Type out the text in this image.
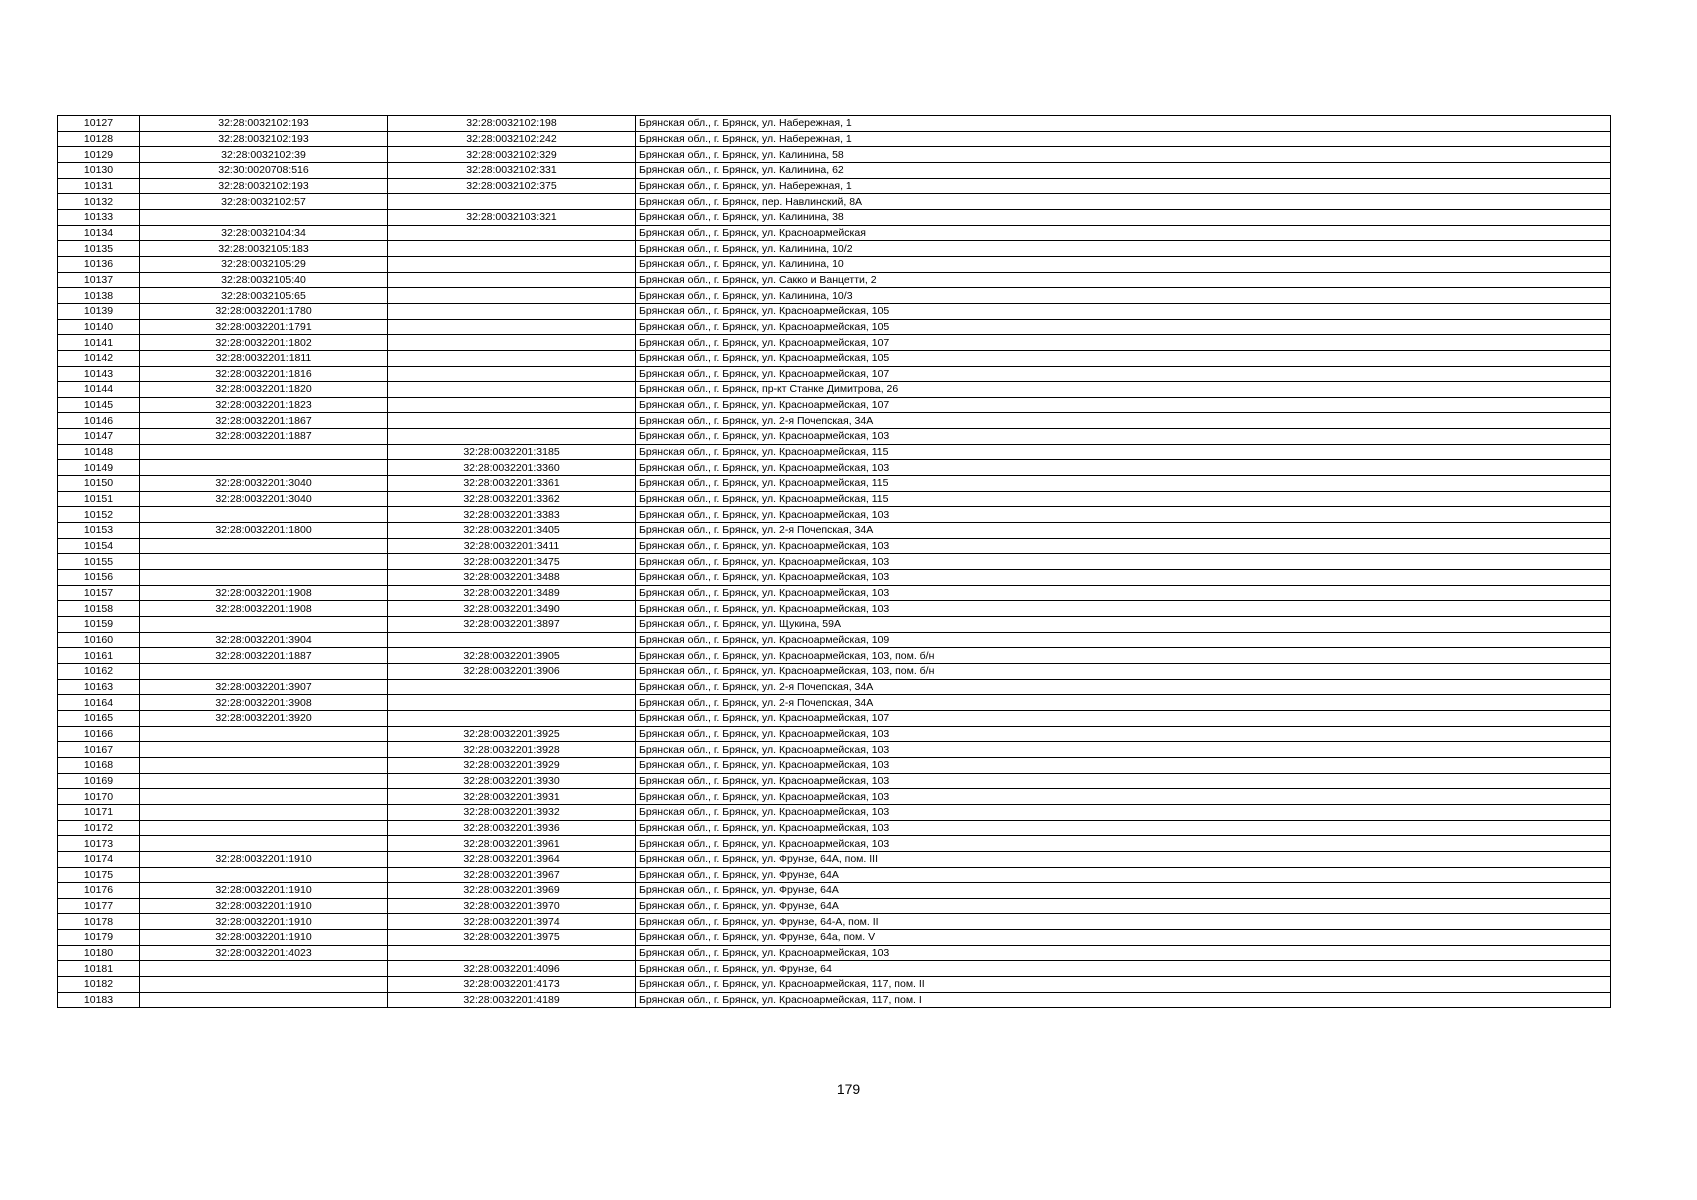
10127	32:28:0032102:193	32:28:0032102:198	Брянская обл., г. Брянск, ул. Набережная, 1
10128	32:28:0032102:193	32:28:0032102:242	Брянская обл., г. Брянск, ул. Набережная, 1
10129	32:28:0032102:39	32:28:0032102:329	Брянская обл., г. Брянск, ул. Калинина, 58
10130	32:30:0020708:516	32:28:0032102:331	Брянская обл., г. Брянск, ул. Калинина, 62
10131	32:28:0032102:193	32:28:0032102:375	Брянская обл., г. Брянск, ул. Набережная, 1
10132	32:28:0032102:57		Брянская обл., г. Брянск, пер. Навлинский, 8А
10133		32:28:0032103:321	Брянская обл., г. Брянск, ул. Калинина, 38
10134	32:28:0032104:34		Брянская обл., г. Брянск, ул. Красноармейская
10135	32:28:0032105:183		Брянская обл., г. Брянск, ул. Калинина, 10/2
10136	32:28:0032105:29		Брянская обл., г. Брянск, ул. Калинина, 10
10137	32:28:0032105:40		Брянская обл., г. Брянск, ул. Сакко и Ванцетти, 2
10138	32:28:0032105:65		Брянская обл., г. Брянск, ул. Калинина, 10/3
10139	32:28:0032201:1780		Брянская обл., г. Брянск, ул. Красноармейская, 105
10140	32:28:0032201:1791		Брянская обл., г. Брянск, ул. Красноармейская, 105
10141	32:28:0032201:1802		Брянская обл., г. Брянск, ул. Красноармейская, 107
10142	32:28:0032201:1811		Брянская обл., г. Брянск, ул. Красноармейская, 105
10143	32:28:0032201:1816		Брянская обл., г. Брянск, ул. Красноармейская, 107
10144	32:28:0032201:1820		Брянская обл., г. Брянск, пр-кт Станке Димитрова, 26
10145	32:28:0032201:1823		Брянская обл., г. Брянск, ул. Красноармейская, 107
10146	32:28:0032201:1867		Брянская обл., г. Брянск, ул. 2-я Почепская, 34А
10147	32:28:0032201:1887		Брянская обл., г. Брянск, ул. Красноармейская, 103
10148		32:28:0032201:3185	Брянская обл., г. Брянск, ул. Красноармейская, 115
10149		32:28:0032201:3360	Брянская обл., г. Брянск, ул. Красноармейская, 103
10150	32:28:0032201:3040	32:28:0032201:3361	Брянская обл., г. Брянск, ул. Красноармейская, 115
10151	32:28:0032201:3040	32:28:0032201:3362	Брянская обл., г. Брянск, ул. Красноармейская, 115
10152		32:28:0032201:3383	Брянская обл., г. Брянск, ул. Красноармейская, 103
10153	32:28:0032201:1800	32:28:0032201:3405	Брянская обл., г. Брянск, ул. 2-я Почепская, 34А
10154		32:28:0032201:3411	Брянская обл., г. Брянск, ул. Красноармейская, 103
10155		32:28:0032201:3475	Брянская обл., г. Брянск, ул. Красноармейская, 103
10156		32:28:0032201:3488	Брянская обл., г. Брянск, ул. Красноармейская, 103
10157	32:28:0032201:1908	32:28:0032201:3489	Брянская обл., г. Брянск, ул. Красноармейская, 103
10158	32:28:0032201:1908	32:28:0032201:3490	Брянская обл., г. Брянск, ул. Красноармейская, 103
10159		32:28:0032201:3897	Брянская обл., г. Брянск, ул. Щукина, 59А
10160	32:28:0032201:3904		Брянская обл., г. Брянск, ул. Красноармейская, 109
10161	32:28:0032201:1887	32:28:0032201:3905	Брянская обл., г. Брянск, ул. Красноармейская, 103, пом. б/н
10162		32:28:0032201:3906	Брянская обл., г. Брянск, ул. Красноармейская, 103, пом. б/н
10163	32:28:0032201:3907		Брянская обл., г. Брянск, ул. 2-я Почепская, 34А
10164	32:28:0032201:3908		Брянская обл., г. Брянск, ул. 2-я Почепская, 34А
10165	32:28:0032201:3920		Брянская обл., г. Брянск, ул. Красноармейская, 107
10166		32:28:0032201:3925	Брянская обл., г. Брянск, ул. Красноармейская, 103
10167		32:28:0032201:3928	Брянская обл., г. Брянск, ул. Красноармейская, 103
10168		32:28:0032201:3929	Брянская обл., г. Брянск, ул. Красноармейская, 103
10169		32:28:0032201:3930	Брянская обл., г. Брянск, ул. Красноармейская, 103
10170		32:28:0032201:3931	Брянская обл., г. Брянск, ул. Красноармейская, 103
10171		32:28:0032201:3932	Брянская обл., г. Брянск, ул. Красноармейская, 103
10172		32:28:0032201:3936	Брянская обл., г. Брянск, ул. Красноармейская, 103
10173		32:28:0032201:3961	Брянская обл., г. Брянск, ул. Красноармейская, 103
10174	32:28:0032201:1910	32:28:0032201:3964	Брянская обл., г. Брянск, ул. Фрунзе, 64А, пом. III
10175		32:28:0032201:3967	Брянская обл., г. Брянск, ул. Фрунзе, 64А
10176	32:28:0032201:1910	32:28:0032201:3969	Брянская обл., г. Брянск, ул. Фрунзе, 64А
10177	32:28:0032201:1910	32:28:0032201:3970	Брянская обл., г. Брянск, ул. Фрунзе, 64А
10178	32:28:0032201:1910	32:28:0032201:3974	Брянская обл., г. Брянск, ул. Фрунзе, 64-А, пом. II
10179	32:28:0032201:1910	32:28:0032201:3975	Брянская обл., г. Брянск, ул. Фрунзе, 64а, пом. V
10180	32:28:0032201:4023		Брянская обл., г. Брянск, ул. Красноармейская, 103
10181		32:28:0032201:4096	Брянская обл., г. Брянск, ул. Фрунзе, 64
10182		32:28:0032201:4173	Брянская обл., г. Брянск, ул. Красноармейская, 117, пом. II
10183		32:28:0032201:4189	Брянская обл., г. Брянск, ул. Красноармейская, 117, пом. I
179
